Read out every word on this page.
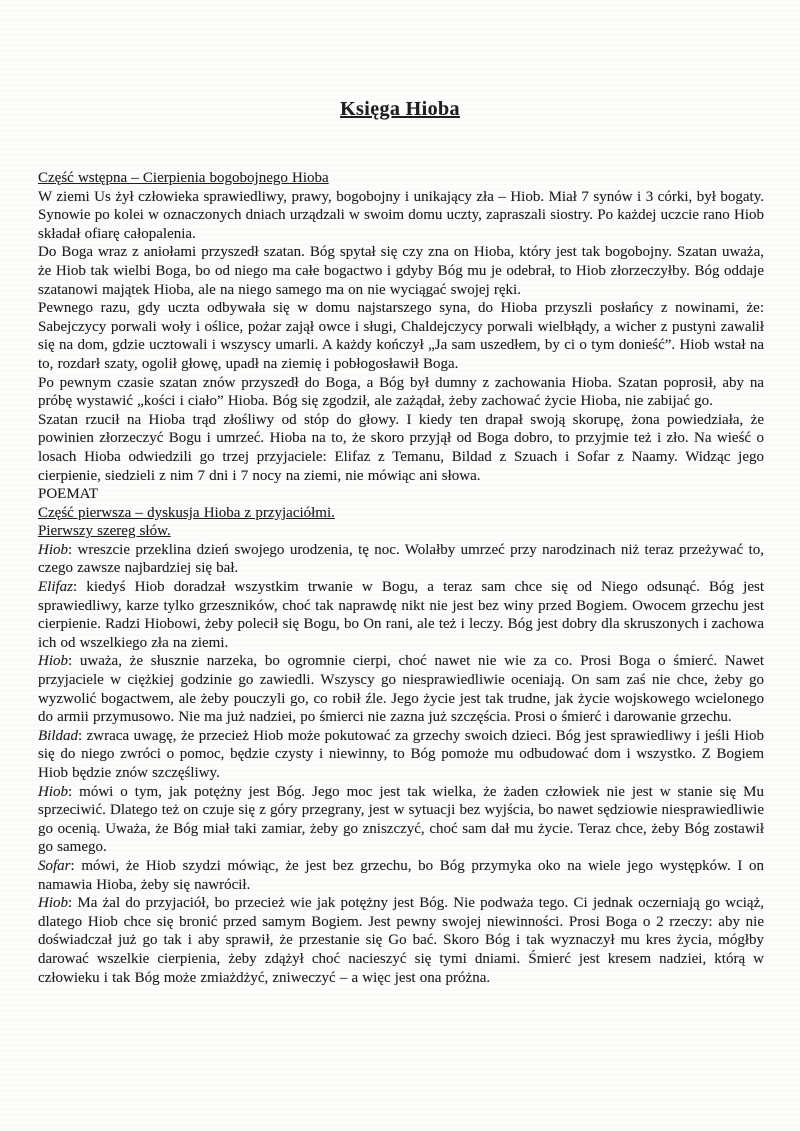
Księga Hioba

Część wstępna – Cierpienia bogobojnego Hioba

W ziemi Us żył człowieka sprawiedliwy, prawy, bogobojny i unikający zła – Hiob. Miał 7 synów i 3 córki, był bogaty. Synowie po kolei w oznaczonych dniach urządzali w swoim domu uczty, zapraszali siostry. Po każdej uczcie rano Hiob składał ofiarę całopalenia.

Do Boga wraz z aniołami przyszedł szatan. Bóg spytał się czy zna on Hioba, który jest tak bogobojny. Szatan uważa, że Hiob tak wielbi Boga, bo od niego ma całe bogactwo i gdyby Bóg mu je odebrał, to Hiob złorzeczyłby. Bóg oddaje szatanowi majątek Hioba, ale na niego samego ma on nie wyciągać swojej ręki.

Pewnego razu, gdy uczta odbywała się w domu najstarszego syna, do Hioba przyszli posłańcy z nowinami, że: Sabejczycy porwali woły i oślice, pożar zajął owce i sługi, Chaldejczycy porwali wielbłądy, a wicher z pustyni zawalił się na dom, gdzie ucztowali i wszyscy umarli. A każdy kończył „Ja sam uszedłem, by ci o tym donieść”. Hiob wstał na to, rozdarł szaty, ogolił głowę, upadł na ziemię i pobłogosławił Boga.

Po pewnym czasie szatan znów przyszedł do Boga, a Bóg był dumny z zachowania Hioba. Szatan poprosił, aby na próbę wystawić „kości i ciało” Hioba. Bóg się zgodził, ale zażądał, żeby zachować życie Hioba, nie zabijać go.

Szatan rzucił na Hioba trąd złośliwy od stóp do głowy. I kiedy ten drapał swoją skorupę, żona powiedziała, że powinien złorzeczyć Bogu i umrzeć. Hioba na to, że skoro przyjął od Boga dobro, to przyjmie też i zło. Na wieść o losach Hioba odwiedzili go trzej przyjaciele: Elifaz z Temanu, Bildad z Szuach i Sofar z Naamy. Widząc jego cierpienie, siedzieli z nim 7 dni i 7 nocy na ziemi, nie mówiąc ani słowa.

POEMAT

Część pierwsza – dyskusja Hioba z przyjaciółmi.

Pierwszy szereg słów.

Hiob: wreszcie przeklina dzień swojego urodzenia, tę noc. Wolałby umrzeć przy narodzinach niż teraz przeżywać to, czego zawsze najbardziej się bał.

Elifaz: kiedyś Hiob doradzał wszystkim trwanie w Bogu, a teraz sam chce się od Niego odsunąć. Bóg jest sprawiedliwy, karze tylko grzeszników, choć tak naprawdę nikt nie jest bez winy przed Bogiem. Owocem grzechu jest cierpienie. Radzi Hiobowi, żeby polecił się Bogu, bo On rani, ale też i leczy. Bóg jest dobry dla skruszonych i zachowa ich od wszelkiego zła na ziemi.

Hiob: uważa, że słusznie narzeka, bo ogromnie cierpi, choć nawet nie wie za co. Prosi Boga o śmierć. Nawet przyjaciele w ciężkiej godzinie go zawiedli. Wszyscy go niesprawiedliwie oceniają. On sam zaś nie chce, żeby go wyzwolić bogactwem, ale żeby pouczyli go, co robił źle. Jego życie jest tak trudne, jak życie wojskowego wcielonego do armii przymusowo. Nie ma już nadziei, po śmierci nie zazna już szczęścia. Prosi o śmierć i darowanie grzechu.

Bildad: zwraca uwagę, że przecież Hiob może pokutować za grzechy swoich dzieci. Bóg jest sprawiedliwy i jeśli Hiob się do niego zwróci o pomoc, będzie czysty i niewinny, to Bóg pomoże mu odbudować dom i wszystko. Z Bogiem Hiob będzie znów szczęśliwy.

Hiob: mówi o tym, jak potężny jest Bóg. Jego moc jest tak wielka, że żaden człowiek nie jest w stanie się Mu sprzeciwić. Dlatego też on czuje się z góry przegrany, jest w sytuacji bez wyjścia, bo nawet sędziowie niesprawiedliwie go ocenią. Uważa, że Bóg miał taki zamiar, żeby go zniszczyć, choć sam dał mu życie. Teraz chce, żeby Bóg zostawił go samego.

Sofar: mówi, że Hiob szydzi mówiąc, że jest bez grzechu, bo Bóg przymyka oko na wiele jego występków. I on namawia Hioba, żeby się nawrócił.

Hiob: Ma żal do przyjaciół, bo przecież wie jak potężny jest Bóg. Nie podważa tego. Ci jednak oczerniają go wciąż, dlatego Hiob chce się bronić przed samym Bogiem. Jest pewny swojej niewinności. Prosi Boga o 2 rzeczy: aby nie doświadczał już go tak i aby sprawił, że przestanie się Go bać. Skoro Bóg i tak wyznaczył mu kres życia, mógłby darować wszelkie cierpienia, żeby zdążył choć nacieszyć się tymi dniami. Śmierć jest kresem nadziei, którą w człowieku i tak Bóg może zmiażdżyć, zniweczyć – a więc jest ona próżna.
